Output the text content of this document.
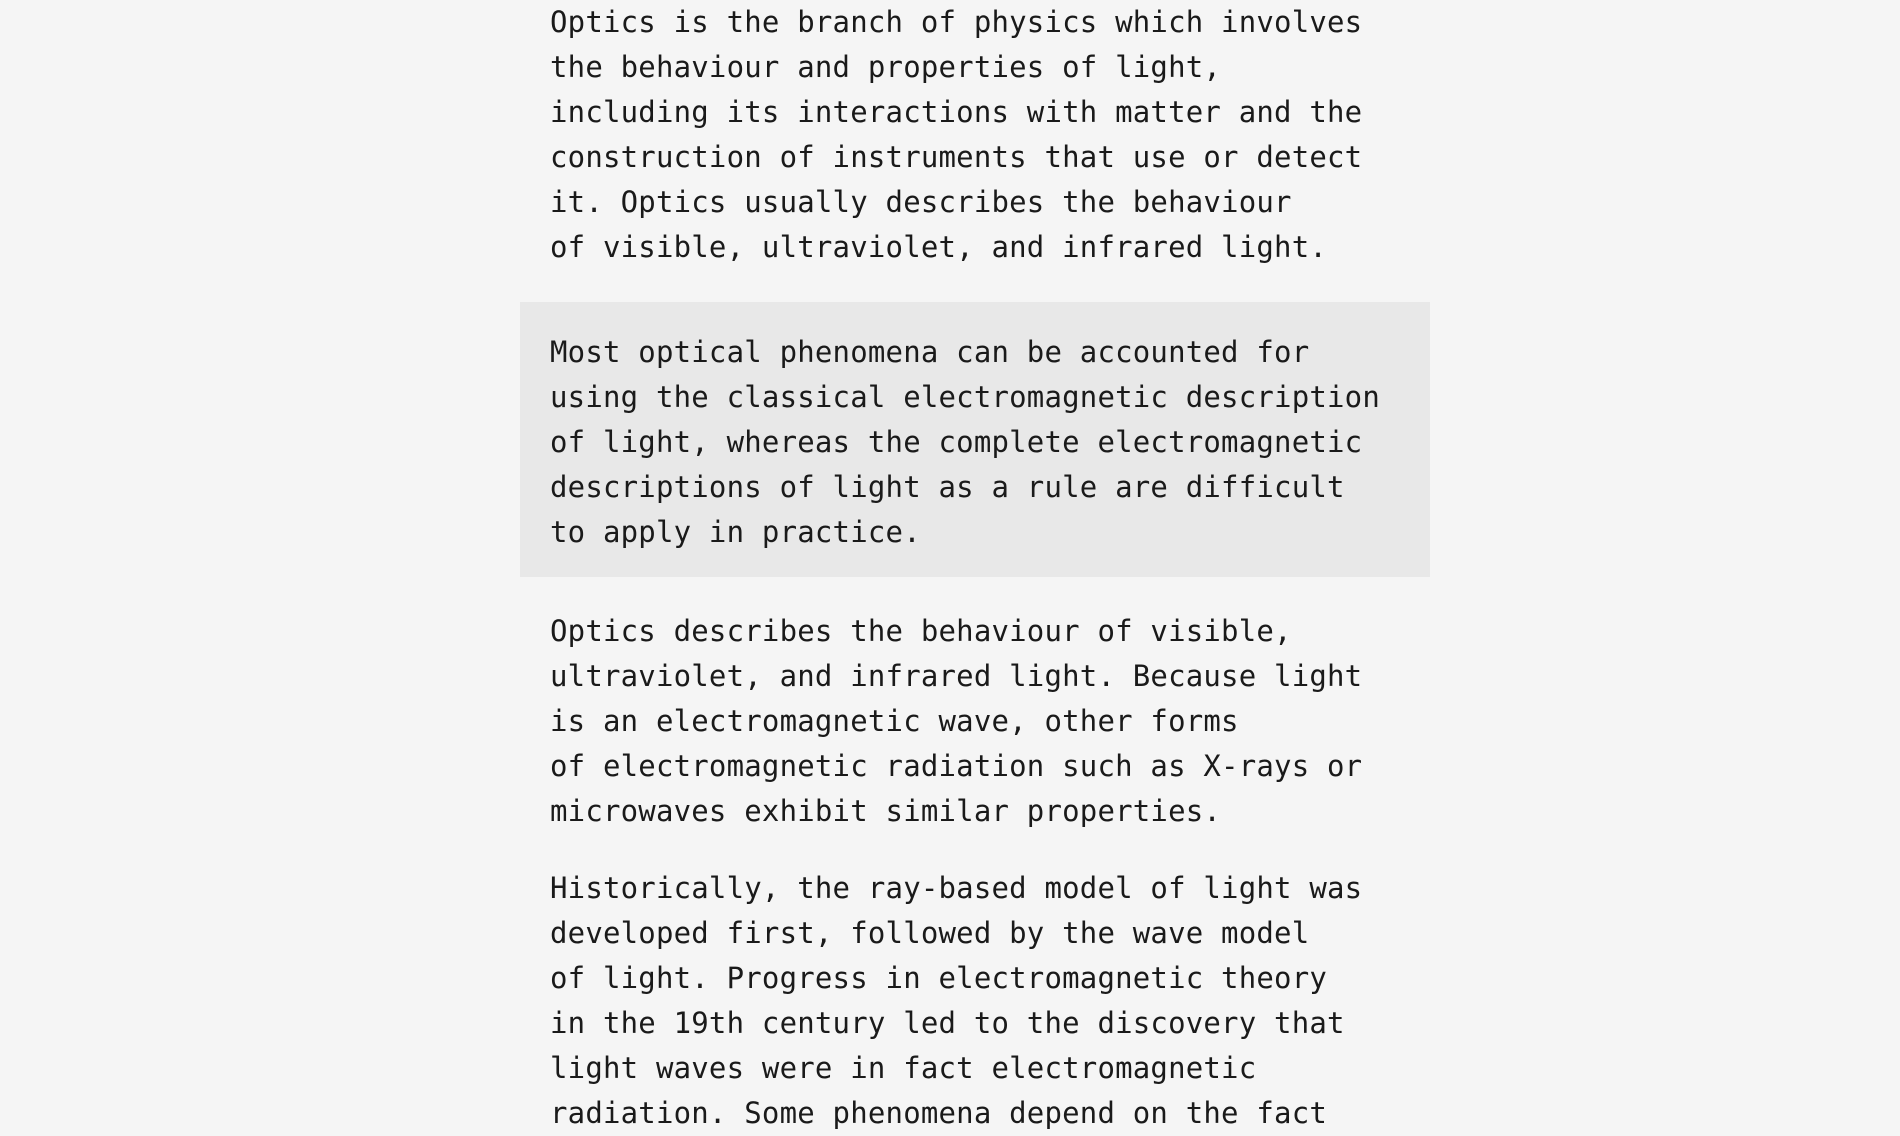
Optics is the branch of physics which involves
the behaviour and properties of light,
including its interactions with matter and the
construction of instruments that use or detect
it. Optics usually describes the behaviour
of visible, ultraviolet, and infrared light.

Most optical phenomena can be accounted for
using the classical electromagnetic description
of light, whereas the complete electromagnetic
descriptions of light as a rule are difficult
to apply in practice.

Optics describes the behaviour of visible,
ultraviolet, and infrared light. Because light
is an electromagnetic wave, other forms
of electromagnetic radiation such as X-rays or
microwaves exhibit similar properties.

Historically, the ray-based model of light was
developed first, followed by the wave model
of light. Progress in electromagnetic theory
in the 19th century led to the discovery that
light waves were in fact electromagnetic
radiation. Some phenomena depend on the fact
